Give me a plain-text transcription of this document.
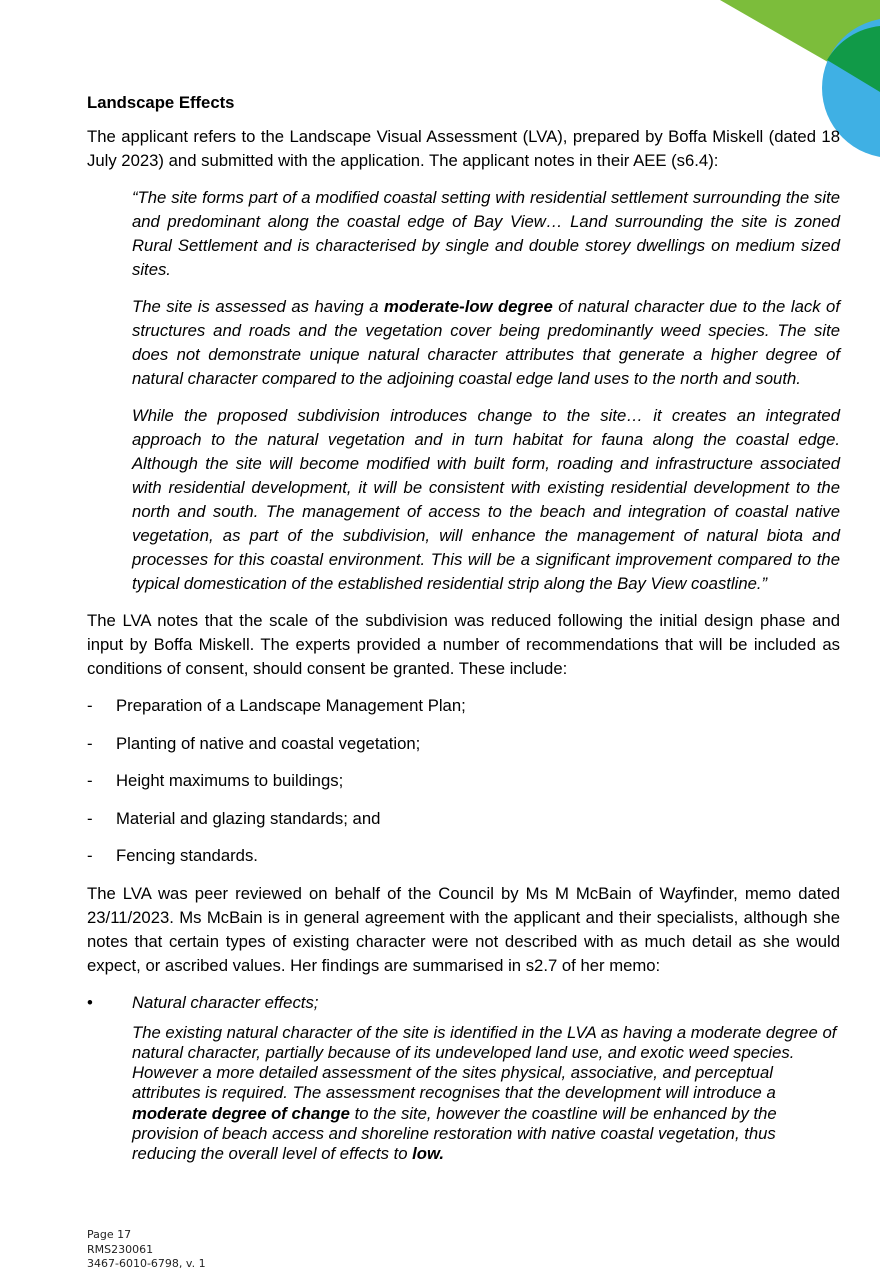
Landscape Effects

The applicant refers to the Landscape Visual Assessment (LVA), prepared by Boffa Miskell (dated 18 July 2023) and submitted with the application. The applicant notes in their AEE (s6.4):

“The site forms part of a modified coastal setting with residential settlement surrounding the site and predominant along the coastal edge of Bay View… Land surrounding the site is zoned Rural Settlement and is characterised by single and double storey dwellings on medium sized sites.

The site is assessed as having a moderate-low degree of natural character due to the lack of structures and roads and the vegetation cover being predominantly weed species. The site does not demonstrate unique natural character attributes that generate a higher degree of natural character compared to the adjoining coastal edge land uses to the north and south.

While the proposed subdivision introduces change to the site… it creates an integrated approach to the natural vegetation and in turn habitat for fauna along the coastal edge. Although the site will become modified with built form, roading and infrastructure associated with residential development, it will be consistent with existing residential development to the north and south. The management of access to the beach and integration of coastal native vegetation, as part of the subdivision, will enhance the management of natural biota and processes for this coastal environment. This will be a significant improvement compared to the typical domestication of the established residential strip along the Bay View coastline.”

The LVA notes that the scale of the subdivision was reduced following the initial design phase and input by Boffa Miskell. The experts provided a number of recommendations that will be included as conditions of consent, should consent be granted. These include:

- Preparation of a Landscape Management Plan;
- Planting of native and coastal vegetation;
- Height maximums to buildings;
- Material and glazing standards; and
- Fencing standards.

The LVA was peer reviewed on behalf of the Council by Ms M McBain of Wayfinder, memo dated 23/11/2023. Ms McBain is in general agreement with the applicant and their specialists, although she notes that certain types of existing character were not described with as much detail as she would expect, or ascribed values. Her findings are summarised in s2.7 of her memo:

• Natural character effects;

The existing natural character of the site is identified in the LVA as having a moderate degree of natural character, partially because of its undeveloped land use, and exotic weed species. However a more detailed assessment of the sites physical, associative, and perceptual attributes is required. The assessment recognises that the development will introduce a moderate degree of change to the site, however the coastline will be enhanced by the provision of beach access and shoreline restoration with native coastal vegetation, thus reducing the overall level of effects to low.

Page 17
RMS230061
3467-6010-6798, v. 1
